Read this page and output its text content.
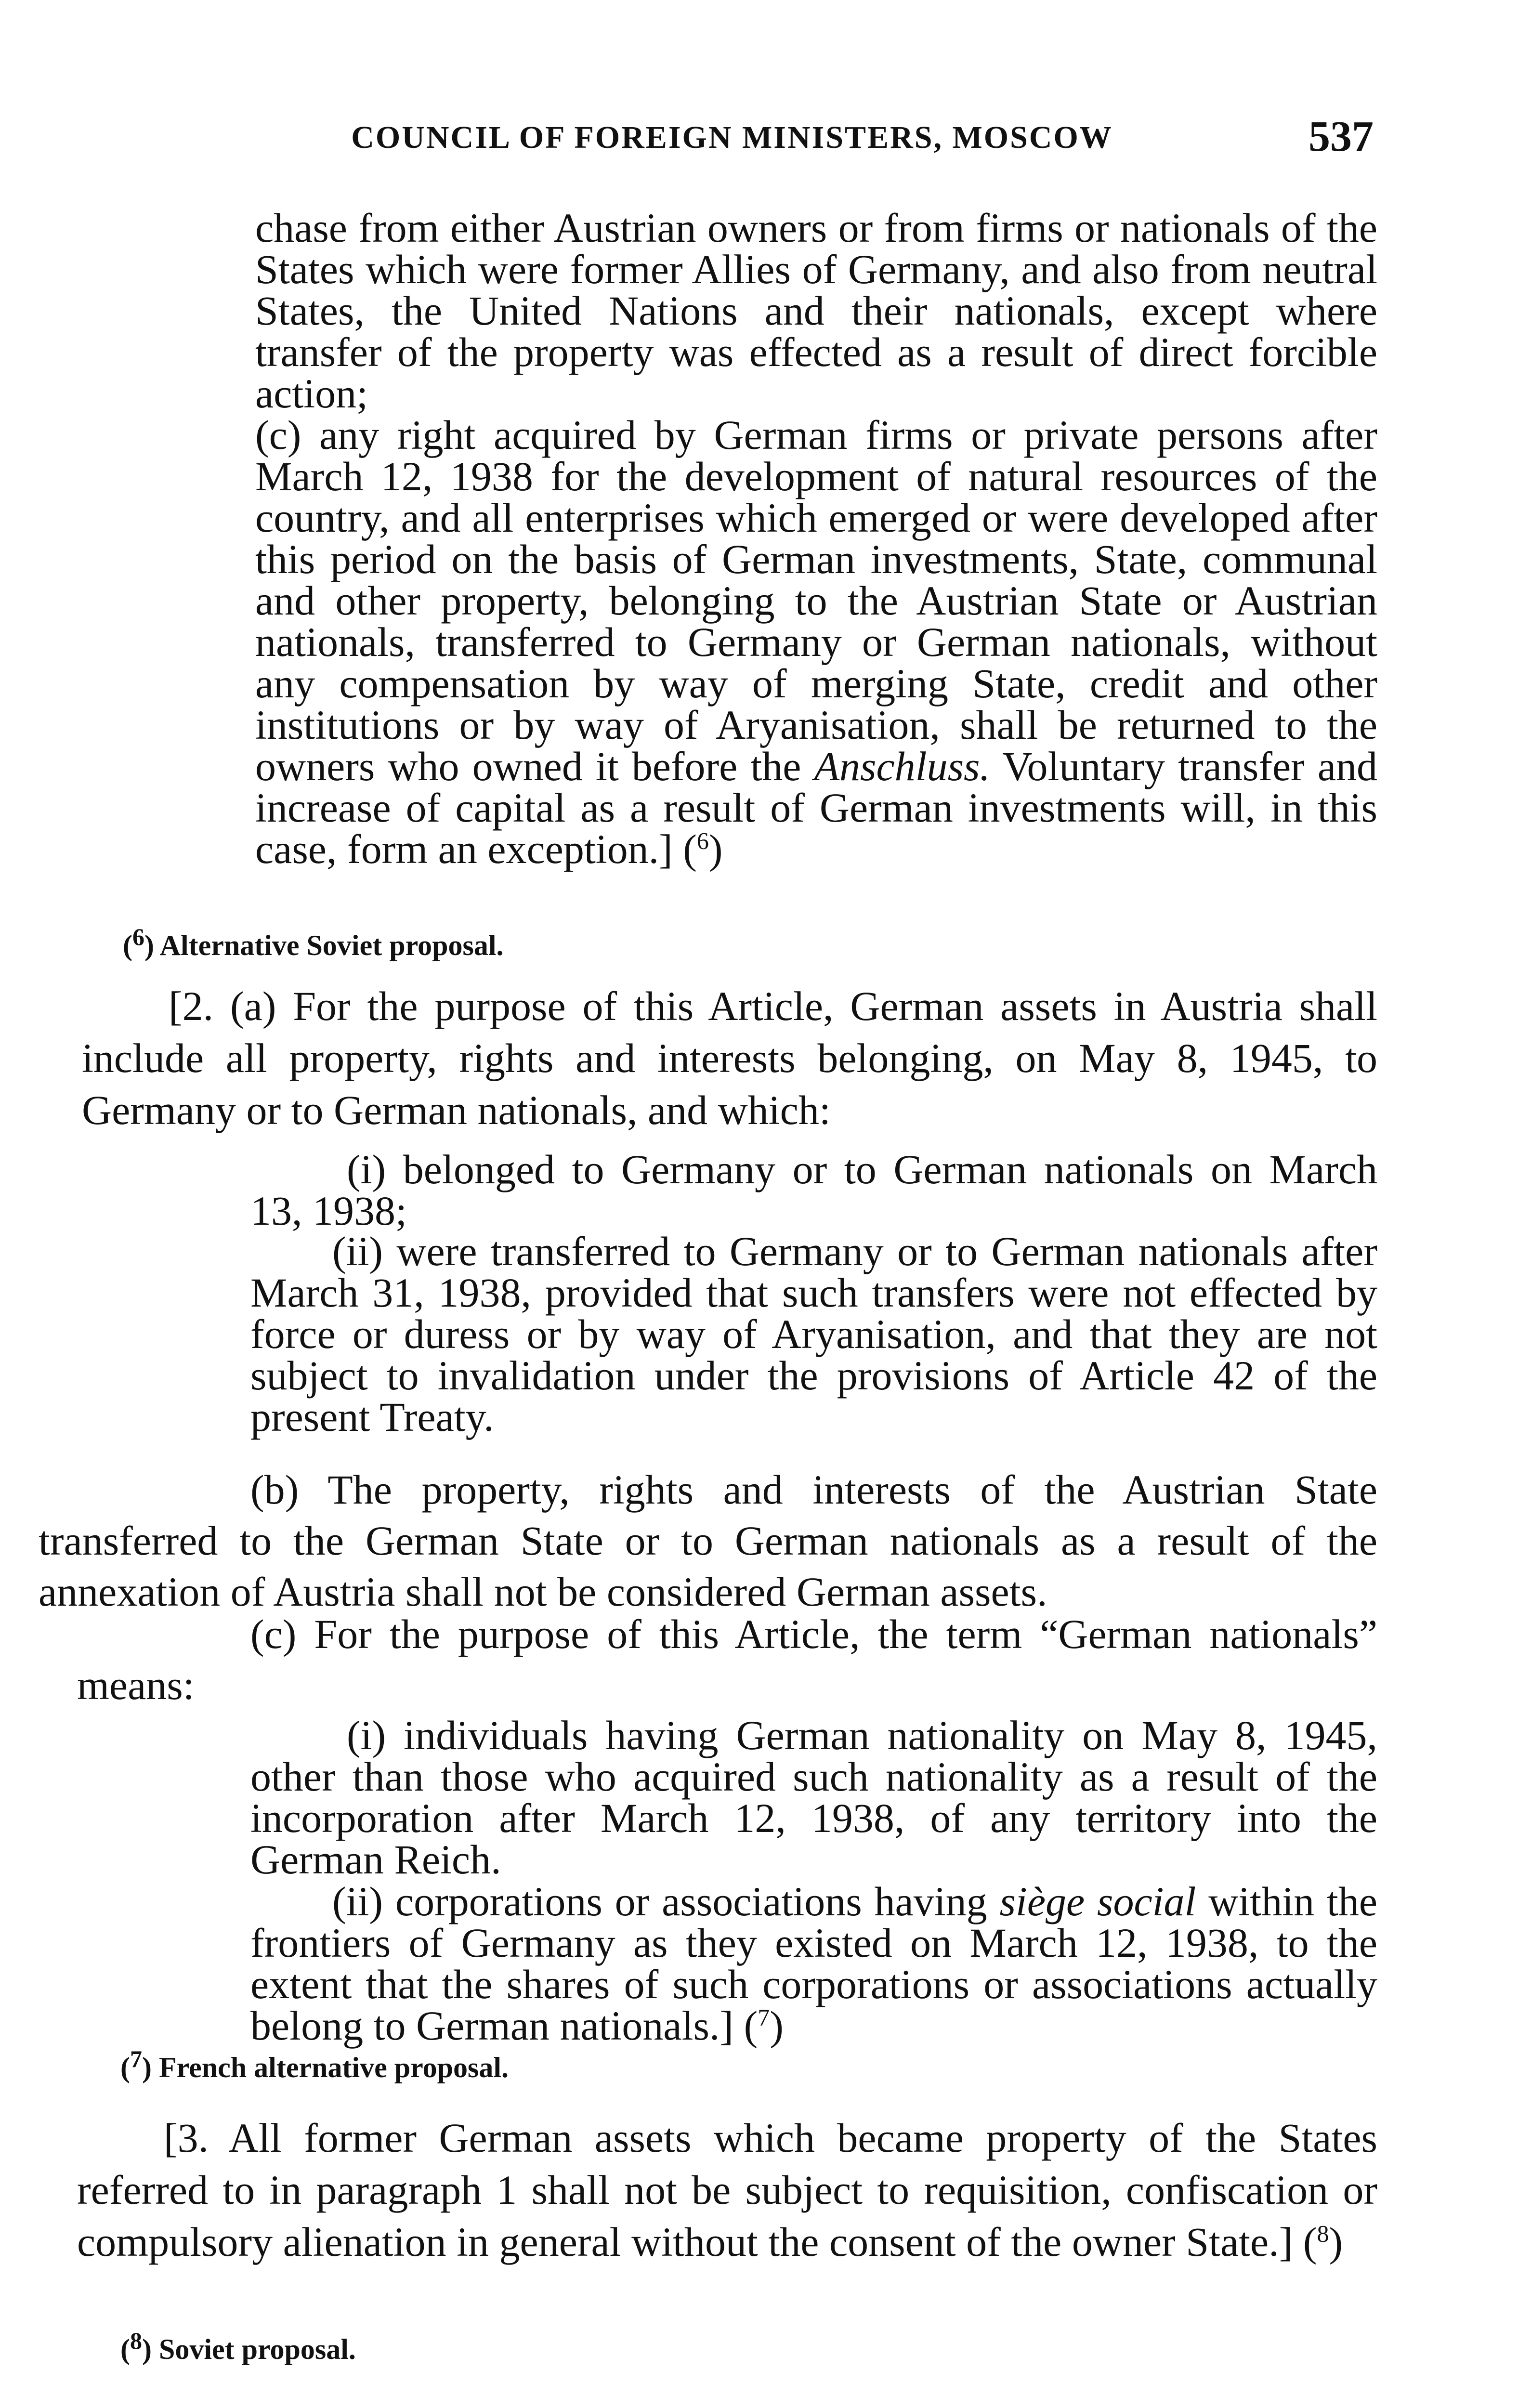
COUNCIL OF FOREIGN MINISTERS, MOSCOW	537
chase from either Austrian owners or from firms or nationals of the States which were former Allies of Germany, and also from neutral States, the United Nations and their nationals, except where transfer of the property was effected as a result of direct forcible action;
(c) any right acquired by German firms or private persons after March 12, 1938 for the development of natural resources of the country, and all enterprises which emerged or were developed after this period on the basis of German investments, State, communal and other property, belonging to the Austrian State or Austrian nationals, transferred to Germany or German nationals, without any compensation by way of merging State, credit and other institutions or by way of Aryanisation, shall be returned to the owners who owned it before the Anschluss. Voluntary transfer and increase of capital as a result of German investments will, in this case, form an exception.] ($^6$)
($^6$) Alternative Soviet proposal.
[2. (a) For the purpose of this Article, German assets in Austria shall include all property, rights and interests belonging, on May 8, 1945, to Germany or to German nationals, and which:
(i) belonged to Germany or to German nationals on March 13, 1938;
(ii) were transferred to Germany or to German nationals after March 31, 1938, provided that such transfers were not effected by force or duress or by way of Aryanisation, and that they are not subject to invalidation under the provisions of Article 42 of the present Treaty.
(b) The property, rights and interests of the Austrian State transferred to the German State or to German nationals as a result of the annexation of Austria shall not be considered German assets.
(c) For the purpose of this Article, the term “German nationals” means:
(i) individuals having German nationality on May 8, 1945, other than those who acquired such nationality as a result of the incorporation after March 12, 1938, of any territory into the German Reich.
(ii) corporations or associations having siège social within the frontiers of Germany as they existed on March 12, 1938, to the extent that the shares of such corporations or associations actually belong to German nationals.] ($^7$)
($^7$) French alternative proposal.
[3. All former German assets which became property of the States referred to in paragraph 1 shall not be subject to requisition, confiscation or compulsory alienation in general without the consent of the owner State.] ($^8$)
($^8$) Soviet proposal.
